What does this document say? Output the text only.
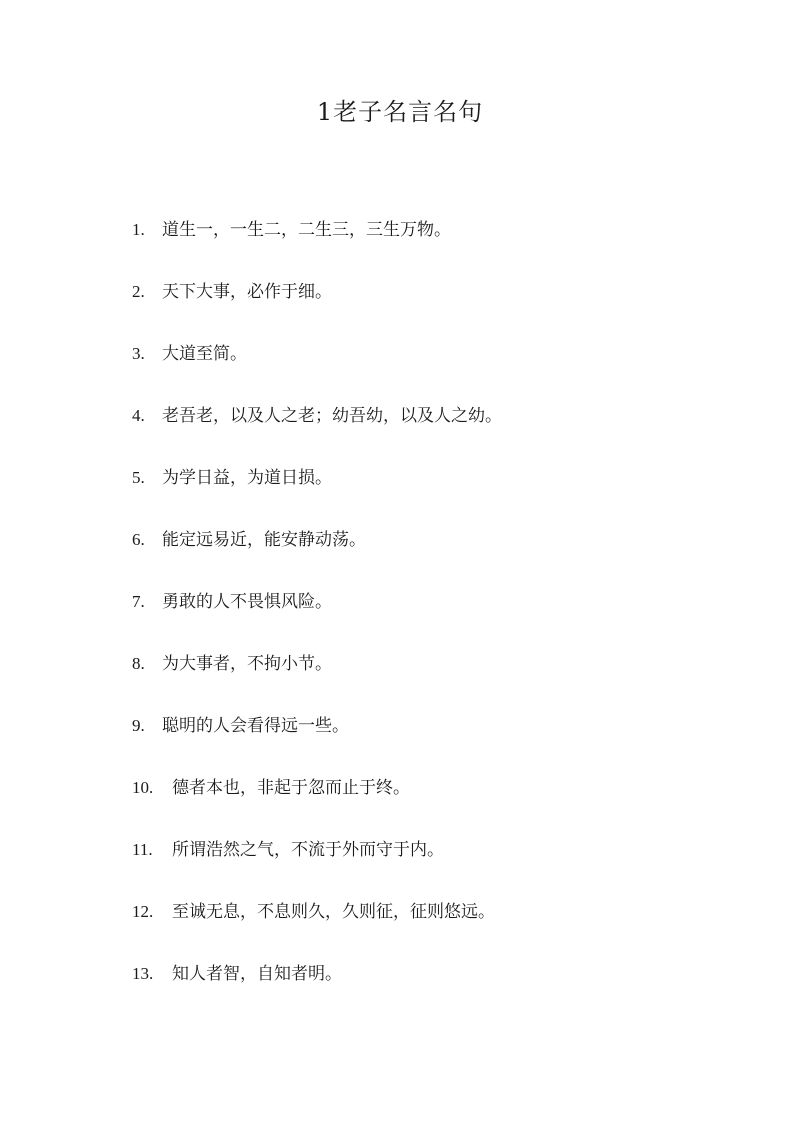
1老子名言名句
1.	道生一，一生二，二生三，三生万物。
2.	天下大事，必作于细。
3.	大道至简。
4.	老吾老，以及人之老；幼吾幼，以及人之幼。
5.	为学日益，为道日损。
6.	能定远易近，能安静动荡。
7.	勇敢的人不畏惧风险。
8.	为大事者，不拘小节。
9.	聪明的人会看得远一些。
10.	德者本也，非起于忽而止于终。
11.	所谓浩然之气，不流于外而守于内。
12.	至诚无息，不息则久，久则征，征则悠远。
13.	知人者智，自知者明。
